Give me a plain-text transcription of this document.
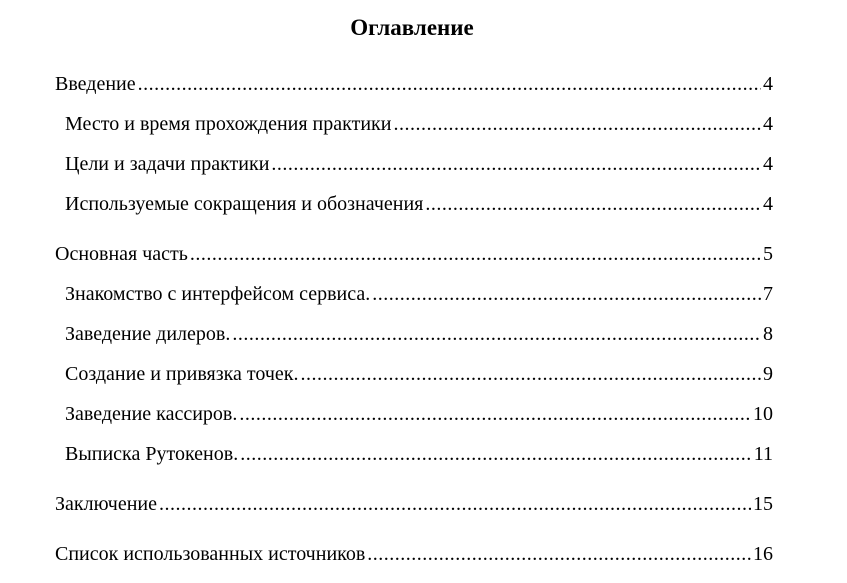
Оглавление
Введение .....	4
Место и время прохождения практики .....	4
Цели и задачи практики .....	4
Используемые сокращения и обозначения .....	4
Основная часть .....	5
Знакомство с интерфейсом сервиса. .....	7
Заведение дилеров. .....	8
Создание и привязка точек. .....	9
Заведение кассиров. .....	10
Выписка Рутокенов. .....	11
Заключение .....	15
Список использованных источников .....	16
